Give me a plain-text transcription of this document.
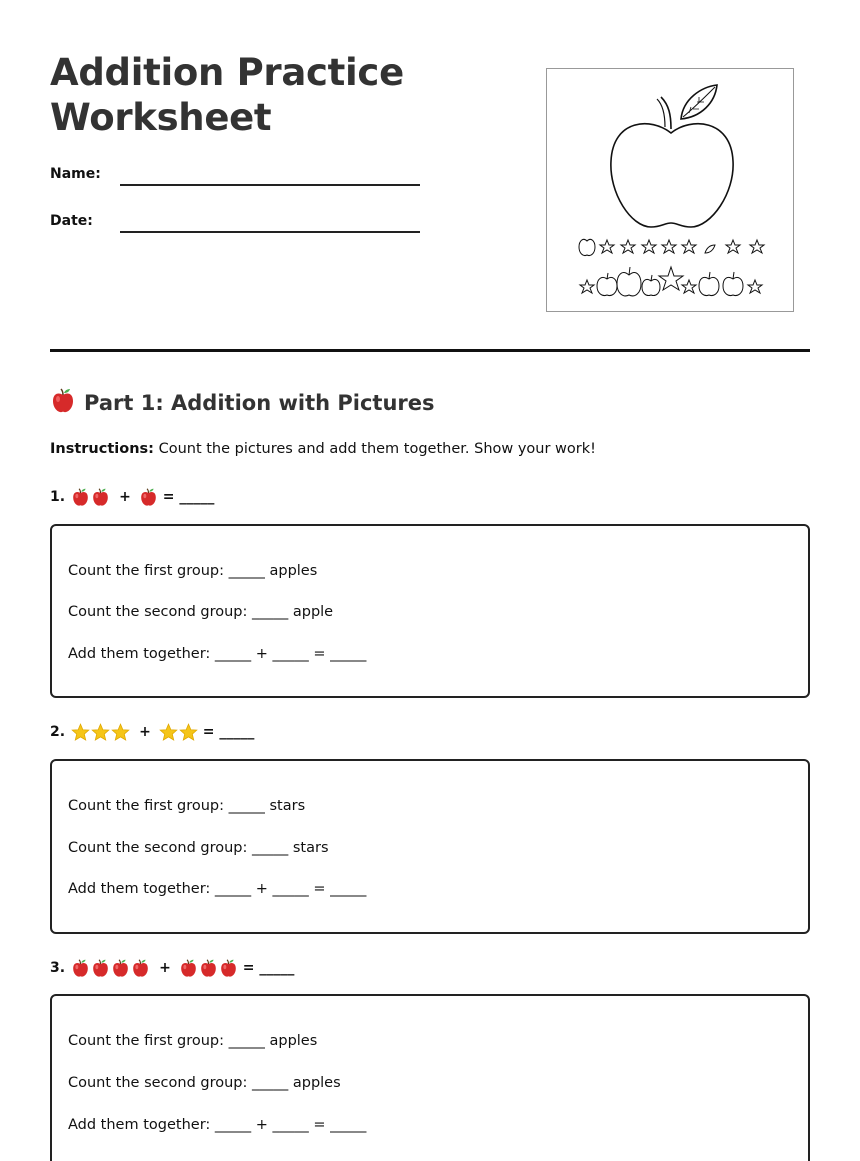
Addition Practice Worksheet
Name:
Date:
Part 1: Addition with Pictures
Instructions: Count the pictures and add them together. Show your work!
1.	+ = _____
Count the first group: _____ apples
Count the second group: _____ apple
Add them together: _____ + _____ = _____
2.	+	= _____
Count the first group: _____ stars
Count the second group: _____ stars
Add them together: _____ + _____ = _____
3.	+	= _____
Count the first group: _____ apples
Count the second group: _____ apples
Add them together: _____ + _____ = _____
